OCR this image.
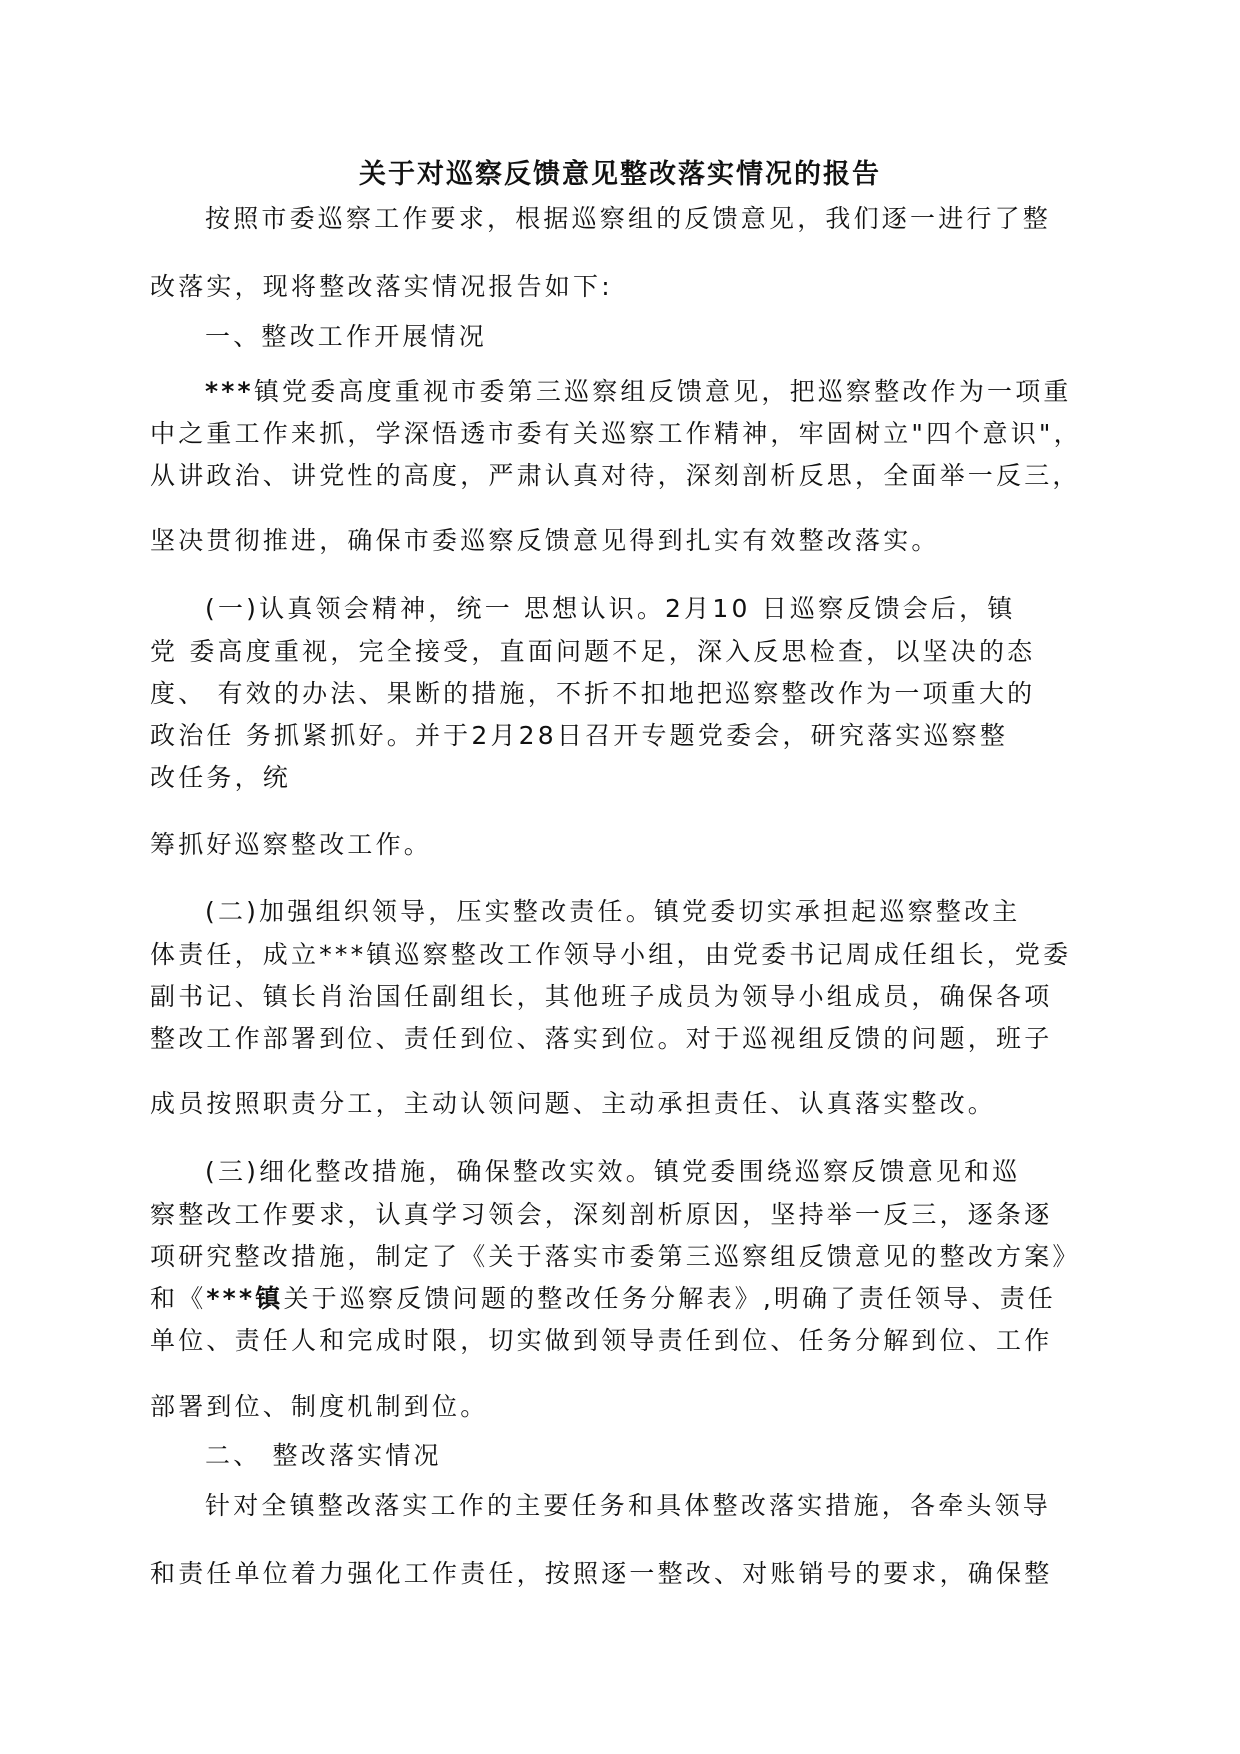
关于对巡察反馈意见整改落实情况的报告
按照市委巡察工作要求，根据巡察组的反馈意见，我们逐一进行了整
改落实，现将整改落实情况报告如下:
一、整改工作开展情况
***镇党委高度重视市委第三巡察组反馈意见，把巡察整改作为一项重
中之重工作来抓，学深悟透市委有关巡察工作精神，牢固树立"四个意识"，
从讲政治、讲党性的高度，严肃认真对待，深刻剖析反思，全面举一反三，
坚决贯彻推进，确保市委巡察反馈意见得到扎实有效整改落实。
(一)认真领会精神，统一 思想认识。2月10 日巡察反馈会后，镇
党 委高度重视，完全接受，直面问题不足，深入反思检查，以坚决的态
度、 有效的办法、果断的措施，不折不扣地把巡察整改作为一项重大的
政治任 务抓紧抓好。并于2月28日召开专题党委会，研究落实巡察整
改任务，统
筹抓好巡察整改工作。
(二)加强组织领导，压实整改责任。镇党委切实承担起巡察整改主
体责任，成立***镇巡察整改工作领导小组，由党委书记周成任组长，党委
副书记、镇长肖治国任副组长，其他班子成员为领导小组成员，确保各项
整改工作部署到位、责任到位、落实到位。对于巡视组反馈的问题，班子
成员按照职责分工，主动认领问题、主动承担责任、认真落实整改。
(三)细化整改措施，确保整改实效。镇党委围绕巡察反馈意见和巡
察整改工作要求，认真学习领会，深刻剖析原因，坚持举一反三，逐条逐
项研究整改措施，制定了《关于落实市委第三巡察组反馈意见的整改方案》
和《***镇关于巡察反馈问题的整改任务分解表》,明确了责任领导、责任
单位、责任人和完成时限，切实做到领导责任到位、任务分解到位、工作
部署到位、制度机制到位。
二、 整改落实情况
针对全镇整改落实工作的主要任务和具体整改落实措施，各牵头领导
和责任单位着力强化工作责任，按照逐一整改、对账销号的要求，确保整
